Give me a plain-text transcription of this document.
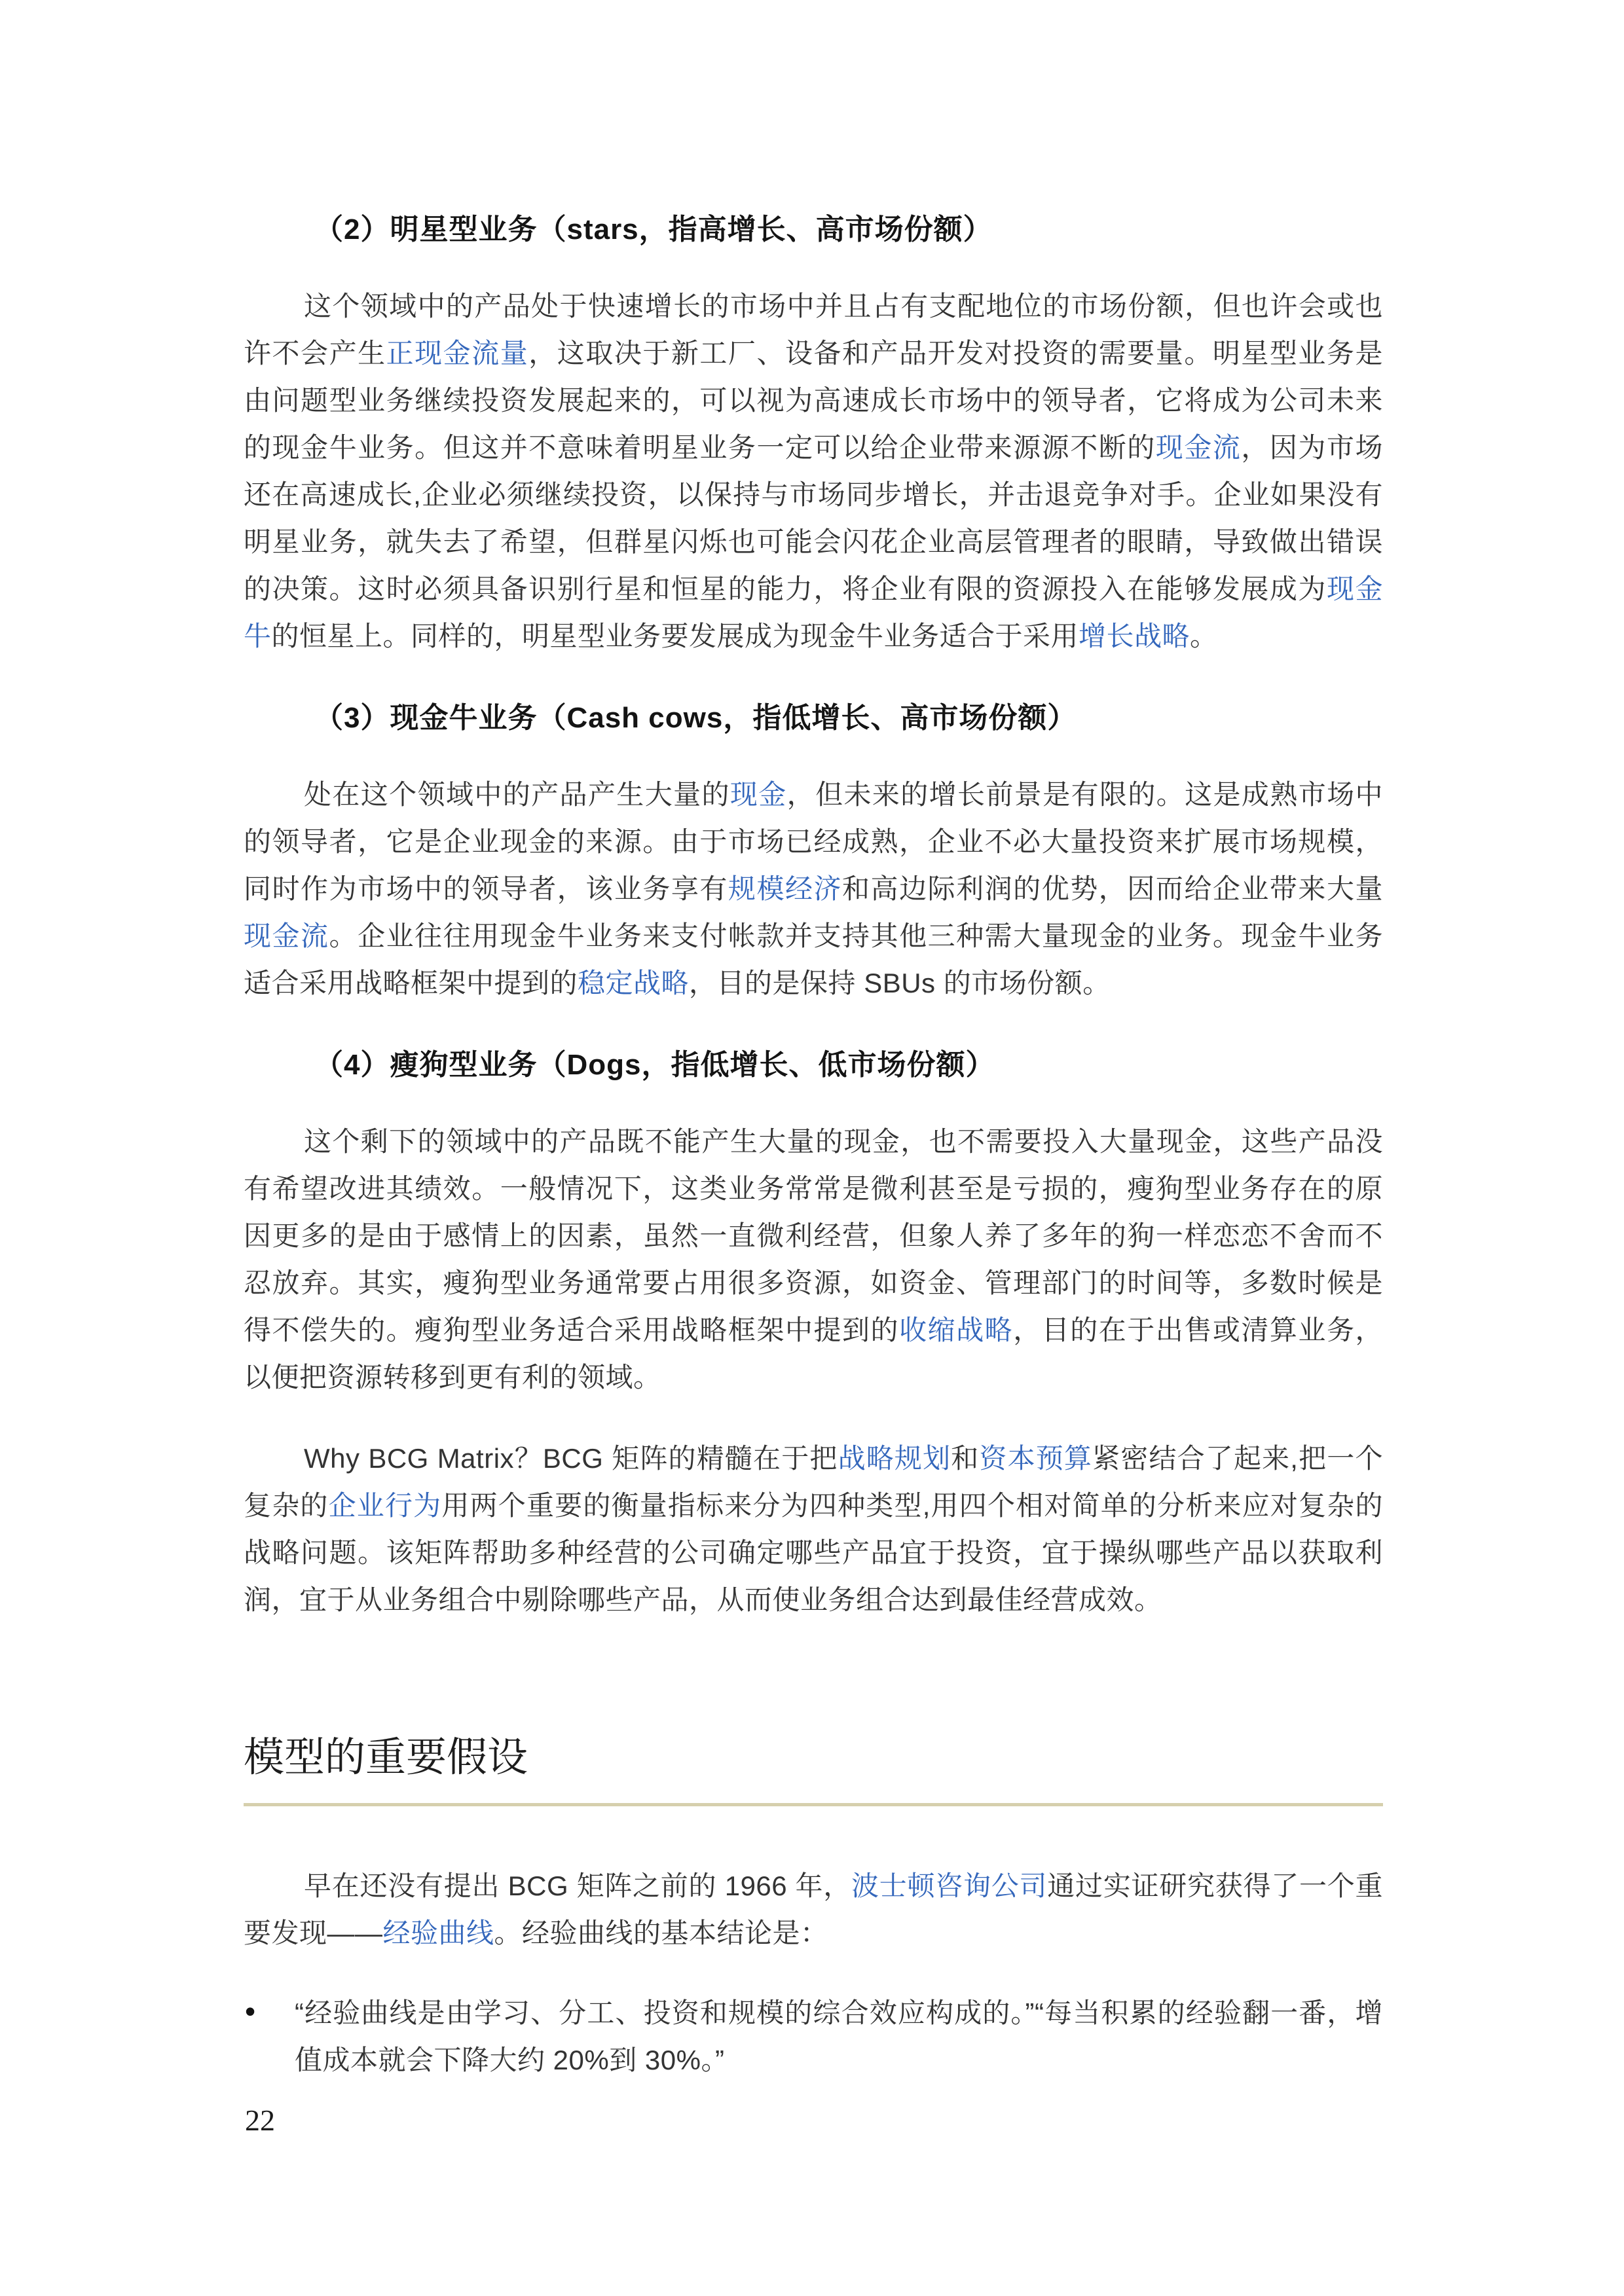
（2）明星型业务（stars，指高增长、高市场份额）

这个领域中的产品处于快速增长的市场中并且占有支配地位的市场份额，但也许会或也许不会产生正现金流量，这取决于新工厂、设备和产品开发对投资的需要量。明星型业务是由问题型业务继续投资发展起来的，可以视为高速成长市场中的领导者，它将成为公司未来的现金牛业务。但这并不意味着明星业务一定可以给企业带来源源不断的现金流，因为市场还在高速成长,企业必须继续投资，以保持与市场同步增长，并击退竞争对手。企业如果没有明星业务，就失去了希望，但群星闪烁也可能会闪花企业高层管理者的眼睛，导致做出错误的决策。这时必须具备识别行星和恒星的能力，将企业有限的资源投入在能够发展成为现金牛的恒星上。同样的，明星型业务要发展成为现金牛业务适合于采用增长战略。

（3）现金牛业务（Cash cows，指低增长、高市场份额）

处在这个领域中的产品产生大量的现金，但未来的增长前景是有限的。这是成熟市场中的领导者，它是企业现金的来源。由于市场已经成熟，企业不必大量投资来扩展市场规模，同时作为市场中的领导者，该业务享有规模经济和高边际利润的优势，因而给企业带来大量现金流。企业往往用现金牛业务来支付帐款并支持其他三种需大量现金的业务。现金牛业务适合采用战略框架中提到的稳定战略，目的是保持 SBUs 的市场份额。

（4）瘦狗型业务（Dogs，指低增长、低市场份额）

这个剩下的领域中的产品既不能产生大量的现金，也不需要投入大量现金，这些产品没有希望改进其绩效。一般情况下，这类业务常常是微利甚至是亏损的，瘦狗型业务存在的原因更多的是由于感情上的因素，虽然一直微利经营，但象人养了多年的狗一样恋恋不舍而不忍放弃。其实，瘦狗型业务通常要占用很多资源，如资金、管理部门的时间等，多数时候是得不偿失的。瘦狗型业务适合采用战略框架中提到的收缩战略，目的在于出售或清算业务，以便把资源转移到更有利的领域。

Why BCG Matrix？BCG 矩阵的精髓在于把战略规划和资本预算紧密结合了起来,把一个复杂的企业行为用两个重要的衡量指标来分为四种类型,用四个相对简单的分析来应对复杂的战略问题。该矩阵帮助多种经营的公司确定哪些产品宜于投资，宜于操纵哪些产品以获取利润，宜于从业务组合中剔除哪些产品，从而使业务组合达到最佳经营成效。

模型的重要假设

早在还没有提出 BCG 矩阵之前的 1966 年，波士顿咨询公司通过实证研究获得了一个重要发现——经验曲线。经验曲线的基本结论是：

• “经验曲线是由学习、分工、投资和规模的综合效应构成的。”“每当积累的经验翻一番，增值成本就会下降大约 20%到 30%。”
22
